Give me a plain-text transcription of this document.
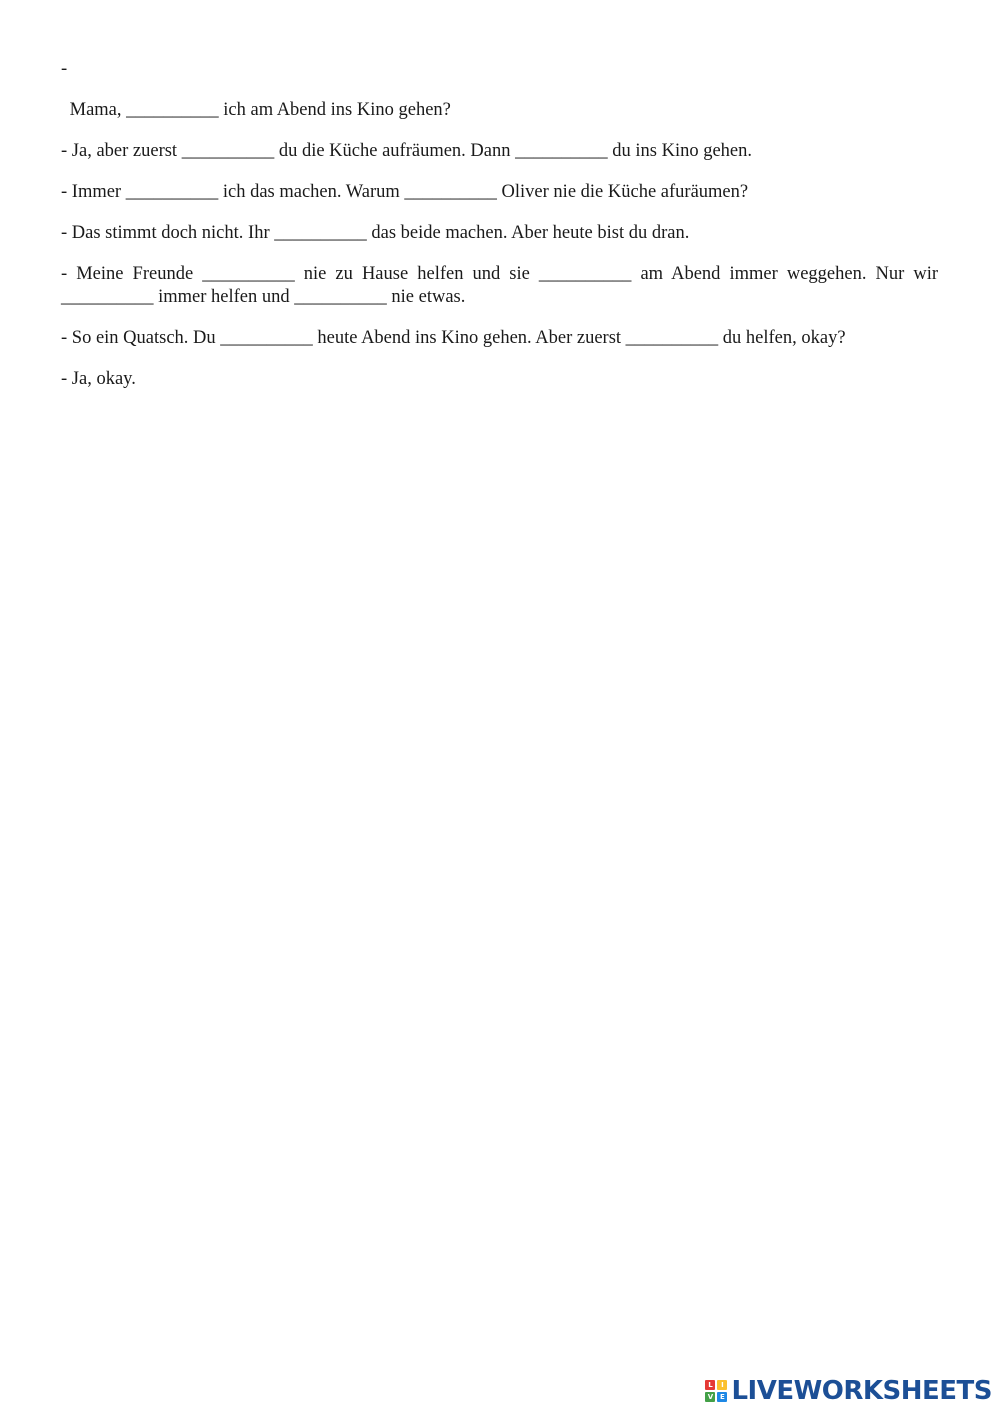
-
Mama, __________ ich am Abend ins Kino gehen?
- Ja, aber zuerst __________ du die Küche aufräumen. Dann __________ du ins Kino gehen.
- Immer __________ ich das machen. Warum __________ Oliver nie die Küche afuräumen?
- Das stimmt doch nicht. Ihr __________ das beide machen. Aber heute bist du dran.
- Meine Freunde __________ nie zu Hause helfen und sie __________ am Abend immer weggehen. Nur wir __________ immer helfen und __________ nie etwas.
- So ein Quatsch. Du __________ heute Abend ins Kino gehen. Aber zuerst __________ du helfen, okay?
- Ja, okay.
L	I
V E LIVEWORKSHEETS
